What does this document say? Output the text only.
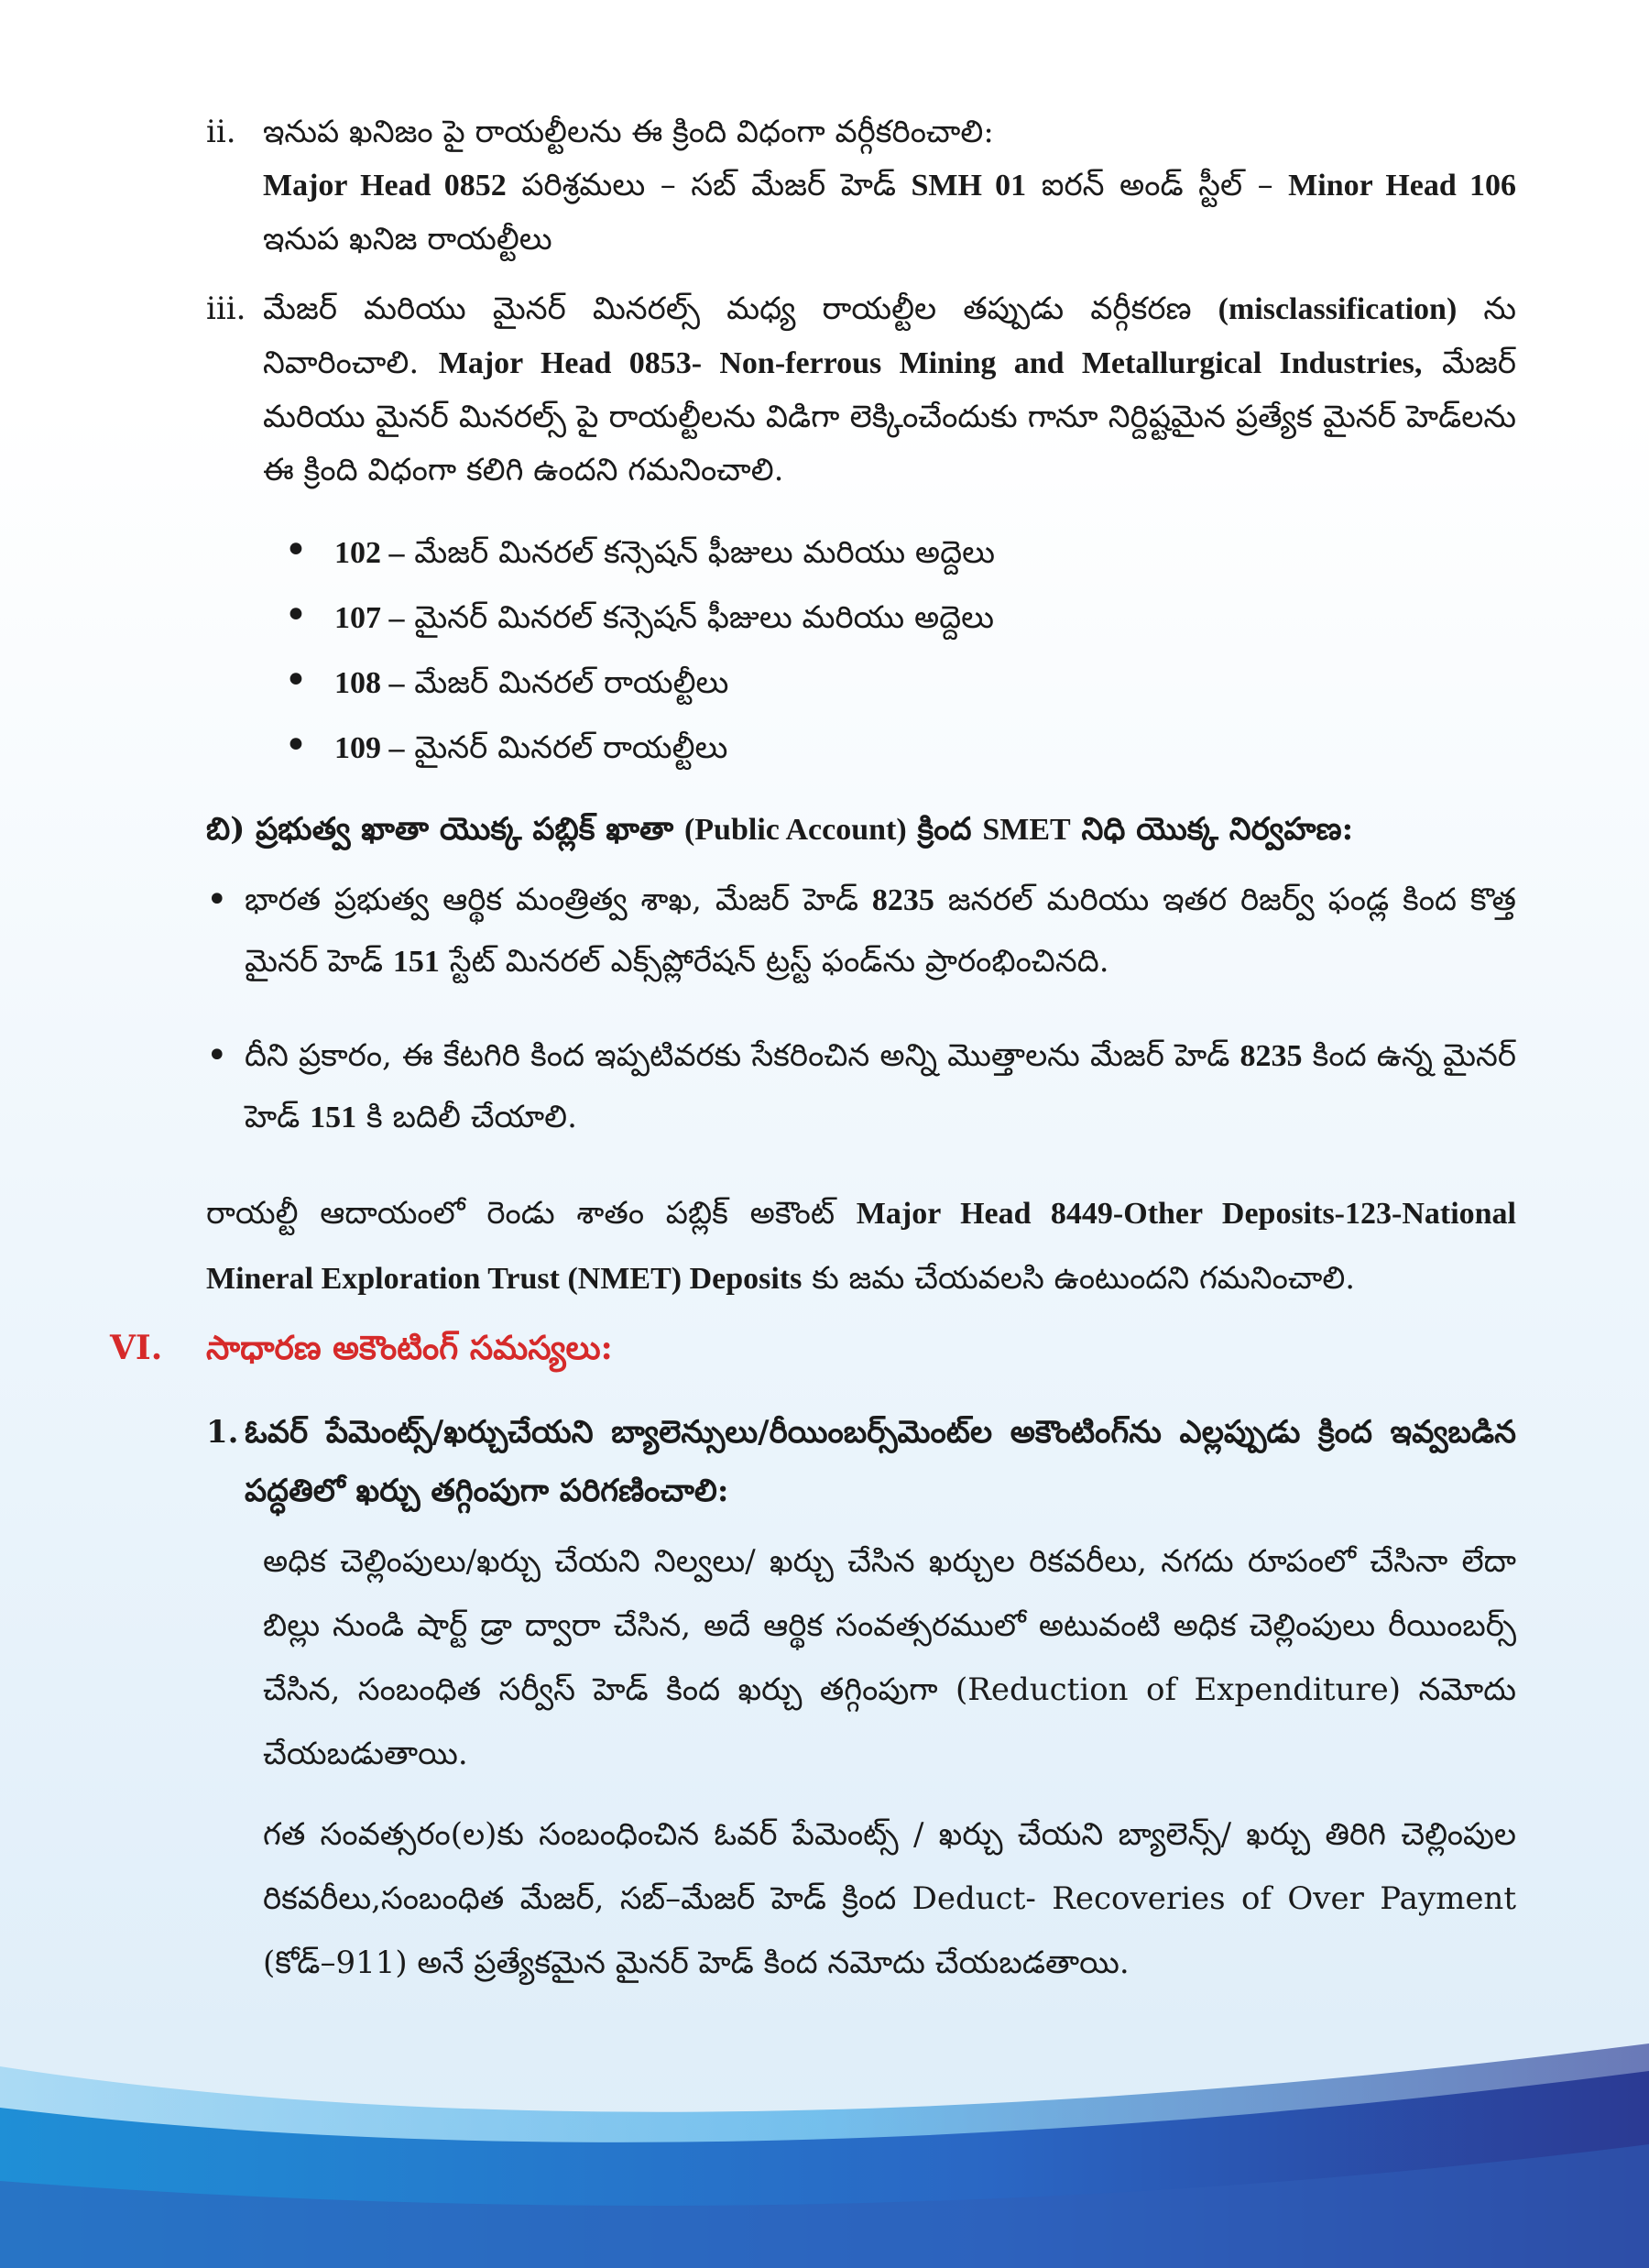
ii. ఇనుప ఖనిజం పై రాయల్టీలను ఈ క్రింది విధంగా వర్గీకరించాలి:

Major Head 0852 పరిశ్రమలు – సబ్ మేజర్ హెడ్ SMH 01 ఐరన్ అండ్ స్టీల్ – Minor Head 106 ఇనుప ఖనిజ రాయల్టీలు

iii. మేజర్ మరియు మైనర్ మినరల్స్ మధ్య రాయల్టీల తప్పుడు వర్గీకరణ (misclassification) ను నివారించాలి. Major Head 0853- Non-ferrous Mining and Metallurgical Industries, మేజర్ మరియు మైనర్ మినరల్స్ పై రాయల్టీలను విడిగా లెక్కించేందుకు గానూ నిర్దిష్టమైన ప్రత్యేక మైనర్ హెడ్‌లను ఈ క్రింది విధంగా కలిగి ఉందని గమనించాలి.

• 102 – మేజర్ మినరల్ కన్సెషన్ ఫీజులు మరియు అద్దెలు
• 107 – మైనర్ మినరల్ కన్సెషన్ ఫీజులు మరియు అద్దెలు
• 108 – మేజర్ మినరల్ రాయల్టీలు
• 109 – మైనర్ మినరల్ రాయల్టీలు

బి) ప్రభుత్వ ఖాతా యొక్క పబ్లిక్ ఖాతా (Public Account) క్రింద SMET నిధి యొక్క నిర్వహణ:

• భారత ప్రభుత్వ ఆర్థిక మంత్రిత్వ శాఖ, మేజర్ హెడ్ 8235 జనరల్ మరియు ఇతర రిజర్వ్ ఫండ్ల కింద కొత్త మైనర్ హెడ్ 151 స్టేట్ మినరల్ ఎక్స్‌ప్లోరేషన్ ట్రస్ట్ ఫండ్‌ను ప్రారంభించినది.

• దీని ప్రకారం, ఈ కేటగిరి కింద ఇప్పటివరకు సేకరించిన అన్ని మొత్తాలను మేజర్ హెడ్ 8235 కింద ఉన్న మైనర్ హెడ్ 151 కి బదిలీ చేయాలి.

రాయల్టీ ఆదాయంలో రెండు శాతం పబ్లిక్ అకౌంట్ Major Head 8449-Other Deposits-123-National Mineral Exploration Trust (NMET) Deposits కు జమ చేయవలసి ఉంటుందని గమనించాలి.

VI. సాధారణ అకౌంటింగ్ సమస్యలు:
1. ఓవర్ పేమెంట్స్/ఖర్చుచేయని బ్యాలెన్సులు/రీయింబర్స్‌మెంట్‌ల అకౌంటింగ్‌ను ఎల్లప్పుడు క్రింద ఇవ్వబడిన పద్ధతిలో ఖర్చు తగ్గింపుగా పరిగణించాలి:

అధిక చెల్లింపులు/ఖర్చు చేయని నిల్వలు/ ఖర్చు చేసిన ఖర్చుల రికవరీలు, నగదు రూపంలో చేసినా లేదా బిల్లు నుండి షార్ట్ డ్రా ద్వారా చేసిన, అదే ఆర్థిక సంవత్సరములో అటువంటి అధిక చెల్లింపులు రీయింబర్స్ చేసిన, సంబంధిత సర్వీస్ హెడ్ కింద ఖర్చు తగ్గింపుగా (Reduction of Expenditure) నమోదు చేయబడుతాయి.

గత సంవత్సరం(ల)కు సంబంధించిన ఓవర్ పేమెంట్స్ / ఖర్చు చేయని బ్యాలెన్స్/ ఖర్చు తిరిగి చెల్లింపుల రికవరీలు,సంబంధిత మేజర్, సబ్–మేజర్ హెడ్ క్రింద Deduct- Recoveries of Over Payment (కోడ్–911) అనే ప్రత్యేకమైన మైనర్ హెడ్ కింద నమోదు చేయబడతాయి.
